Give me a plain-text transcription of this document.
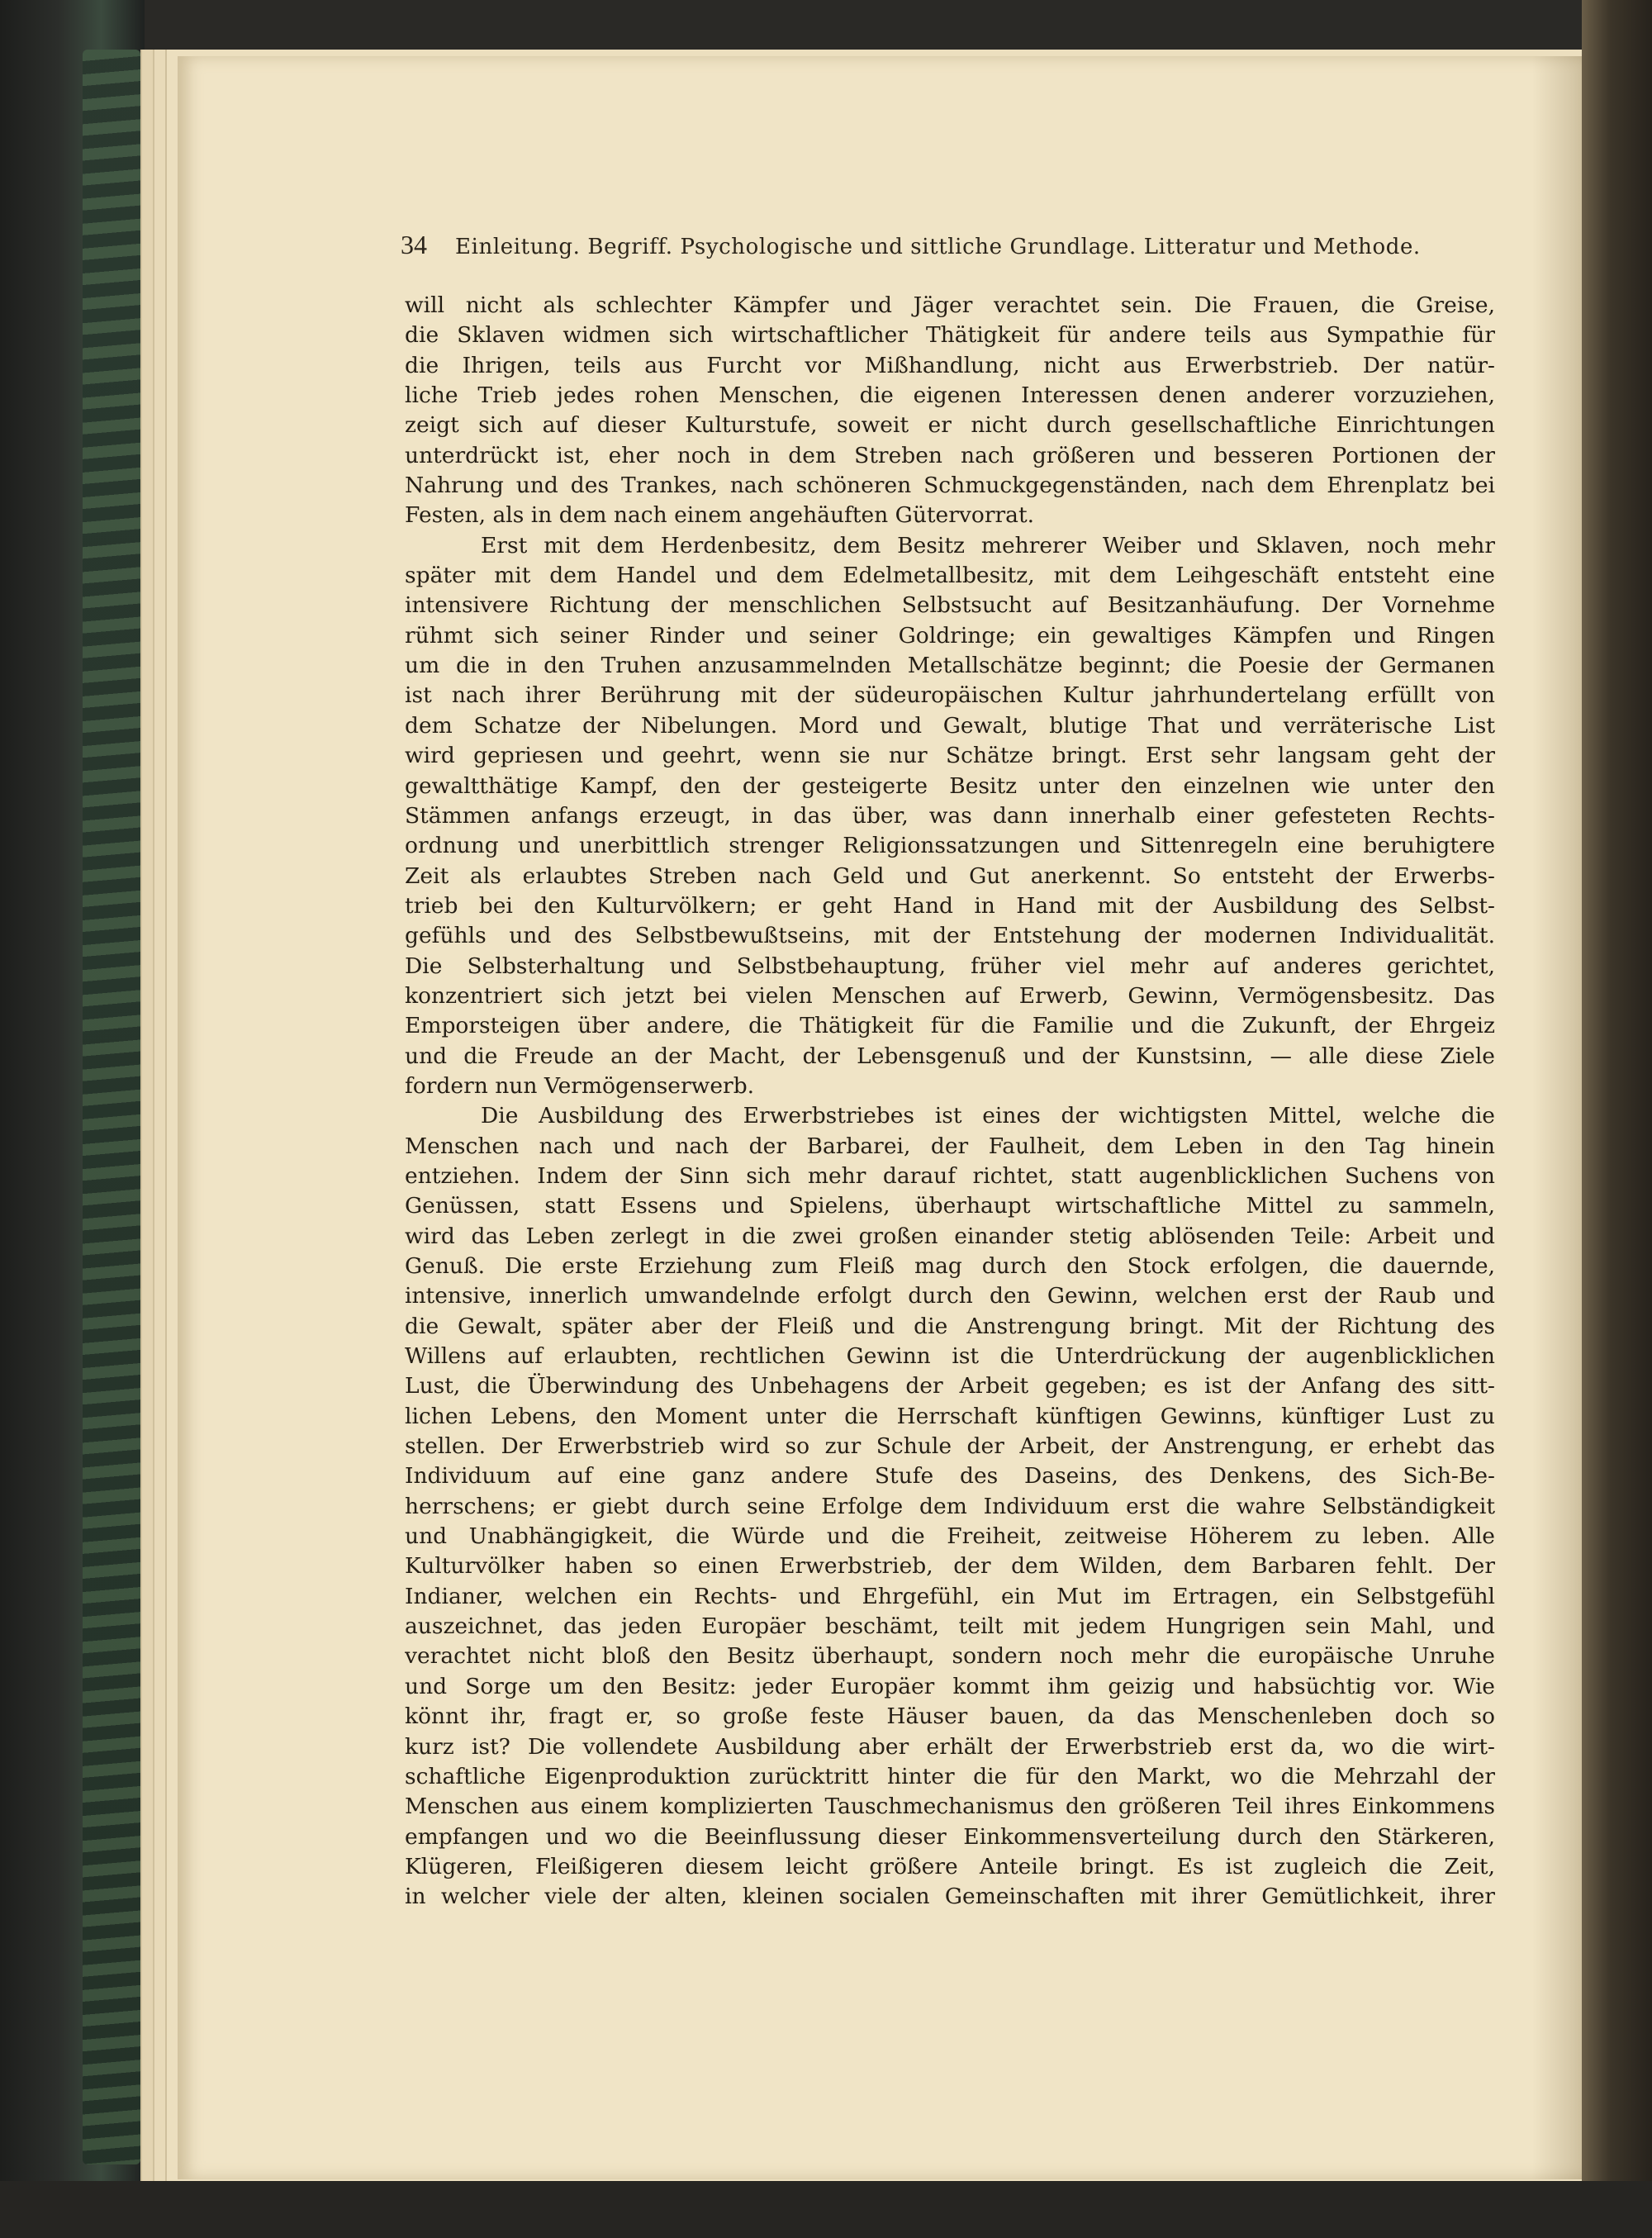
34 Einleitung. Begriff. Psychologische und sittliche Grundlage. Litteratur und Methode.
will nicht als schlechter Kämpfer und Jäger verachtet sein. Die Frauen, die Greise,
die Sklaven widmen sich wirtschaftlicher Thätigkeit für andere teils aus Sympathie für
die Ihrigen, teils aus Furcht vor Mißhandlung, nicht aus Erwerbstrieb. Der natür-
liche Trieb jedes rohen Menschen, die eigenen Interessen denen anderer vorzuziehen,
zeigt sich auf dieser Kulturstufe, soweit er nicht durch gesellschaftliche Einrichtungen
unterdrückt ist, eher noch in dem Streben nach größeren und besseren Portionen der
Nahrung und des Trankes, nach schöneren Schmuckgegenständen, nach dem Ehrenplatz bei
Festen, als in dem nach einem angehäuften Gütervorrat.
Erst mit dem Herdenbesitz, dem Besitz mehrerer Weiber und Sklaven, noch mehr
später mit dem Handel und dem Edelmetallbesitz, mit dem Leihgeschäft entsteht eine
intensivere Richtung der menschlichen Selbstsucht auf Besitzanhäufung. Der Vornehme
rühmt sich seiner Rinder und seiner Goldringe; ein gewaltiges Kämpfen und Ringen
um die in den Truhen anzusammelnden Metallschätze beginnt; die Poesie der Germanen
ist nach ihrer Berührung mit der südeuropäischen Kultur jahrhundertelang erfüllt von
dem Schatze der Nibelungen. Mord und Gewalt, blutige That und verräterische List
wird gepriesen und geehrt, wenn sie nur Schätze bringt. Erst sehr langsam geht der
gewaltthätige Kampf, den der gesteigerte Besitz unter den einzelnen wie unter den
Stämmen anfangs erzeugt, in das über, was dann innerhalb einer gefesteten Rechts-
ordnung und unerbittlich strenger Religionssatzungen und Sittenregeln eine beruhigtere
Zeit als erlaubtes Streben nach Geld und Gut anerkennt. So entsteht der Erwerbs-
trieb bei den Kulturvölkern; er geht Hand in Hand mit der Ausbildung des Selbst-
gefühls und des Selbstbewußtseins, mit der Entstehung der modernen Individualität.
Die Selbsterhaltung und Selbstbehauptung, früher viel mehr auf anderes gerichtet,
konzentriert sich jetzt bei vielen Menschen auf Erwerb, Gewinn, Vermögensbesitz. Das
Emporsteigen über andere, die Thätigkeit für die Familie und die Zukunft, der Ehrgeiz
und die Freude an der Macht, der Lebensgenuß und der Kunstsinn, — alle diese Ziele
fordern nun Vermögenserwerb.
Die Ausbildung des Erwerbstriebes ist eines der wichtigsten Mittel, welche die
Menschen nach und nach der Barbarei, der Faulheit, dem Leben in den Tag hinein
entziehen. Indem der Sinn sich mehr darauf richtet, statt augenblicklichen Suchens von
Genüssen, statt Essens und Spielens, überhaupt wirtschaftliche Mittel zu sammeln,
wird das Leben zerlegt in die zwei großen einander stetig ablösenden Teile: Arbeit und
Genuß. Die erste Erziehung zum Fleiß mag durch den Stock erfolgen, die dauernde,
intensive, innerlich umwandelnde erfolgt durch den Gewinn, welchen erst der Raub und
die Gewalt, später aber der Fleiß und die Anstrengung bringt. Mit der Richtung des
Willens auf erlaubten, rechtlichen Gewinn ist die Unterdrückung der augenblicklichen
Lust, die Überwindung des Unbehagens der Arbeit gegeben; es ist der Anfang des sitt-
lichen Lebens, den Moment unter die Herrschaft künftigen Gewinns, künftiger Lust zu
stellen. Der Erwerbstrieb wird so zur Schule der Arbeit, der Anstrengung, er erhebt das
Individuum auf eine ganz andere Stufe des Daseins, des Denkens, des Sich-Be-
herrschens; er giebt durch seine Erfolge dem Individuum erst die wahre Selbständigkeit
und Unabhängigkeit, die Würde und die Freiheit, zeitweise Höherem zu leben. Alle
Kulturvölker haben so einen Erwerbstrieb, der dem Wilden, dem Barbaren fehlt. Der
Indianer, welchen ein Rechts- und Ehrgefühl, ein Mut im Ertragen, ein Selbstgefühl
auszeichnet, das jeden Europäer beschämt, teilt mit jedem Hungrigen sein Mahl, und
verachtet nicht bloß den Besitz überhaupt, sondern noch mehr die europäische Unruhe
und Sorge um den Besitz: jeder Europäer kommt ihm geizig und habsüchtig vor. Wie
könnt ihr, fragt er, so große feste Häuser bauen, da das Menschenleben doch so
kurz ist? Die vollendete Ausbildung aber erhält der Erwerbstrieb erst da, wo die wirt-
schaftliche Eigenproduktion zurücktritt hinter die für den Markt, wo die Mehrzahl der
Menschen aus einem komplizierten Tauschmechanismus den größeren Teil ihres Einkommens
empfangen und wo die Beeinflussung dieser Einkommensverteilung durch den Stärkeren,
Klügeren, Fleißigeren diesem leicht größere Anteile bringt. Es ist zugleich die Zeit,
in welcher viele der alten, kleinen socialen Gemeinschaften mit ihrer Gemütlichkeit, ihrer
